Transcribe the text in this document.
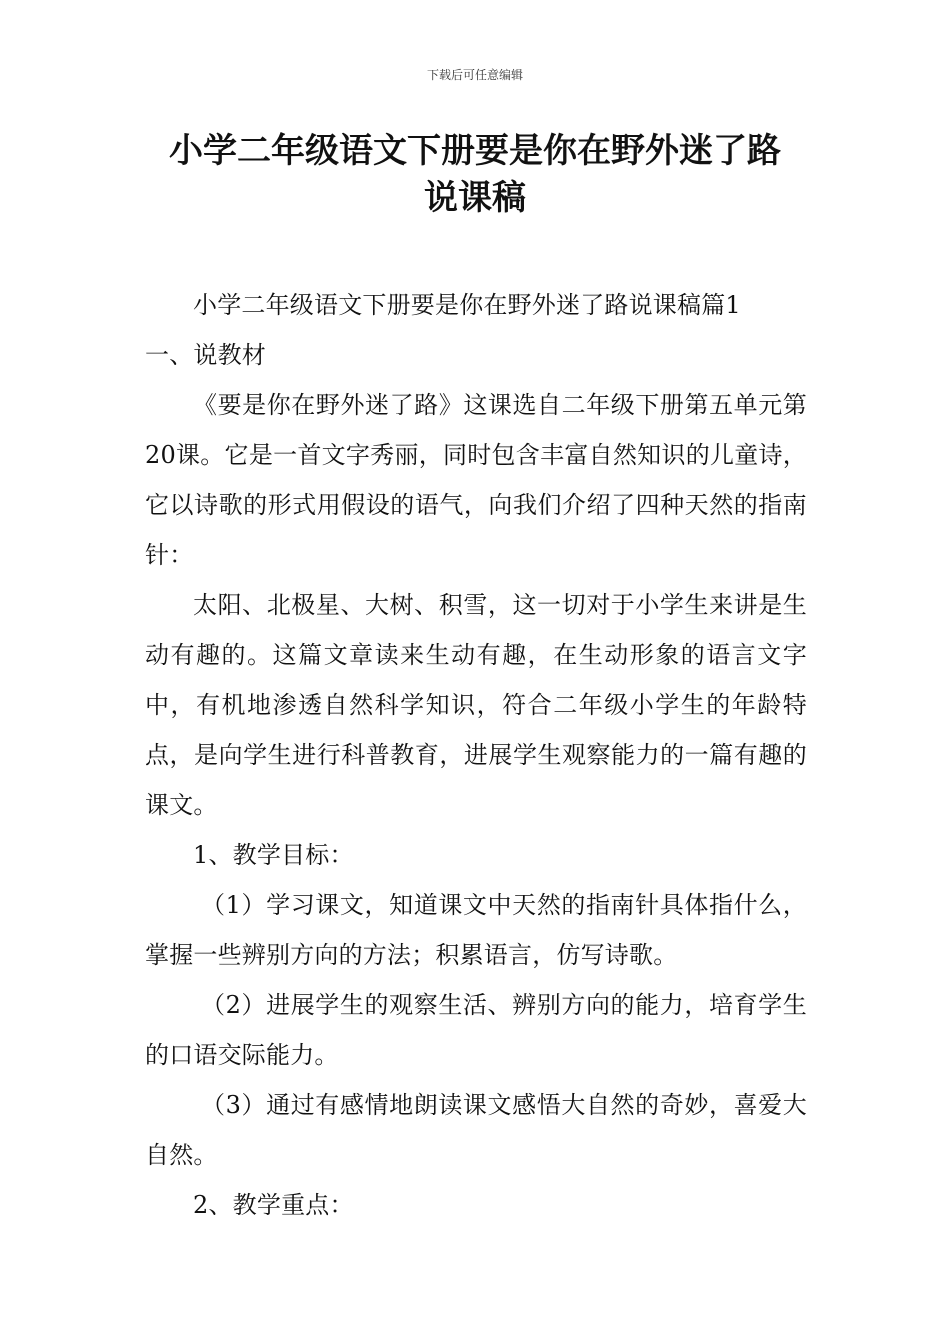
下载后可任意编辑
小学二年级语文下册要是你在野外迷了路
说课稿

小学二年级语文下册要是你在野外迷了路说课稿篇1

一、说教材

《要是你在野外迷了路》这课选自二年级下册第五单元第20课。它是一首文字秀丽，同时包含丰富自然知识的儿童诗，它以诗歌的形式用假设的语气，向我们介绍了四种天然的指南针：

太阳、北极星、大树、积雪，这一切对于小学生来讲是生动有趣的。这篇文章读来生动有趣，在生动形象的语言文字中，有机地渗透自然科学知识，符合二年级小学生的年龄特点，是向学生进行科普教育，进展学生观察能力的一篇有趣的课文。

1、教学目标：

（1）学习课文，知道课文中天然的指南针具体指什么，掌握一些辨别方向的方法；积累语言，仿写诗歌。

（2）进展学生的观察生活、辨别方向的能力，培育学生的口语交际能力。

（3）通过有感情地朗读课文感悟大自然的奇妙，喜爱大自然。

2、教学重点：
